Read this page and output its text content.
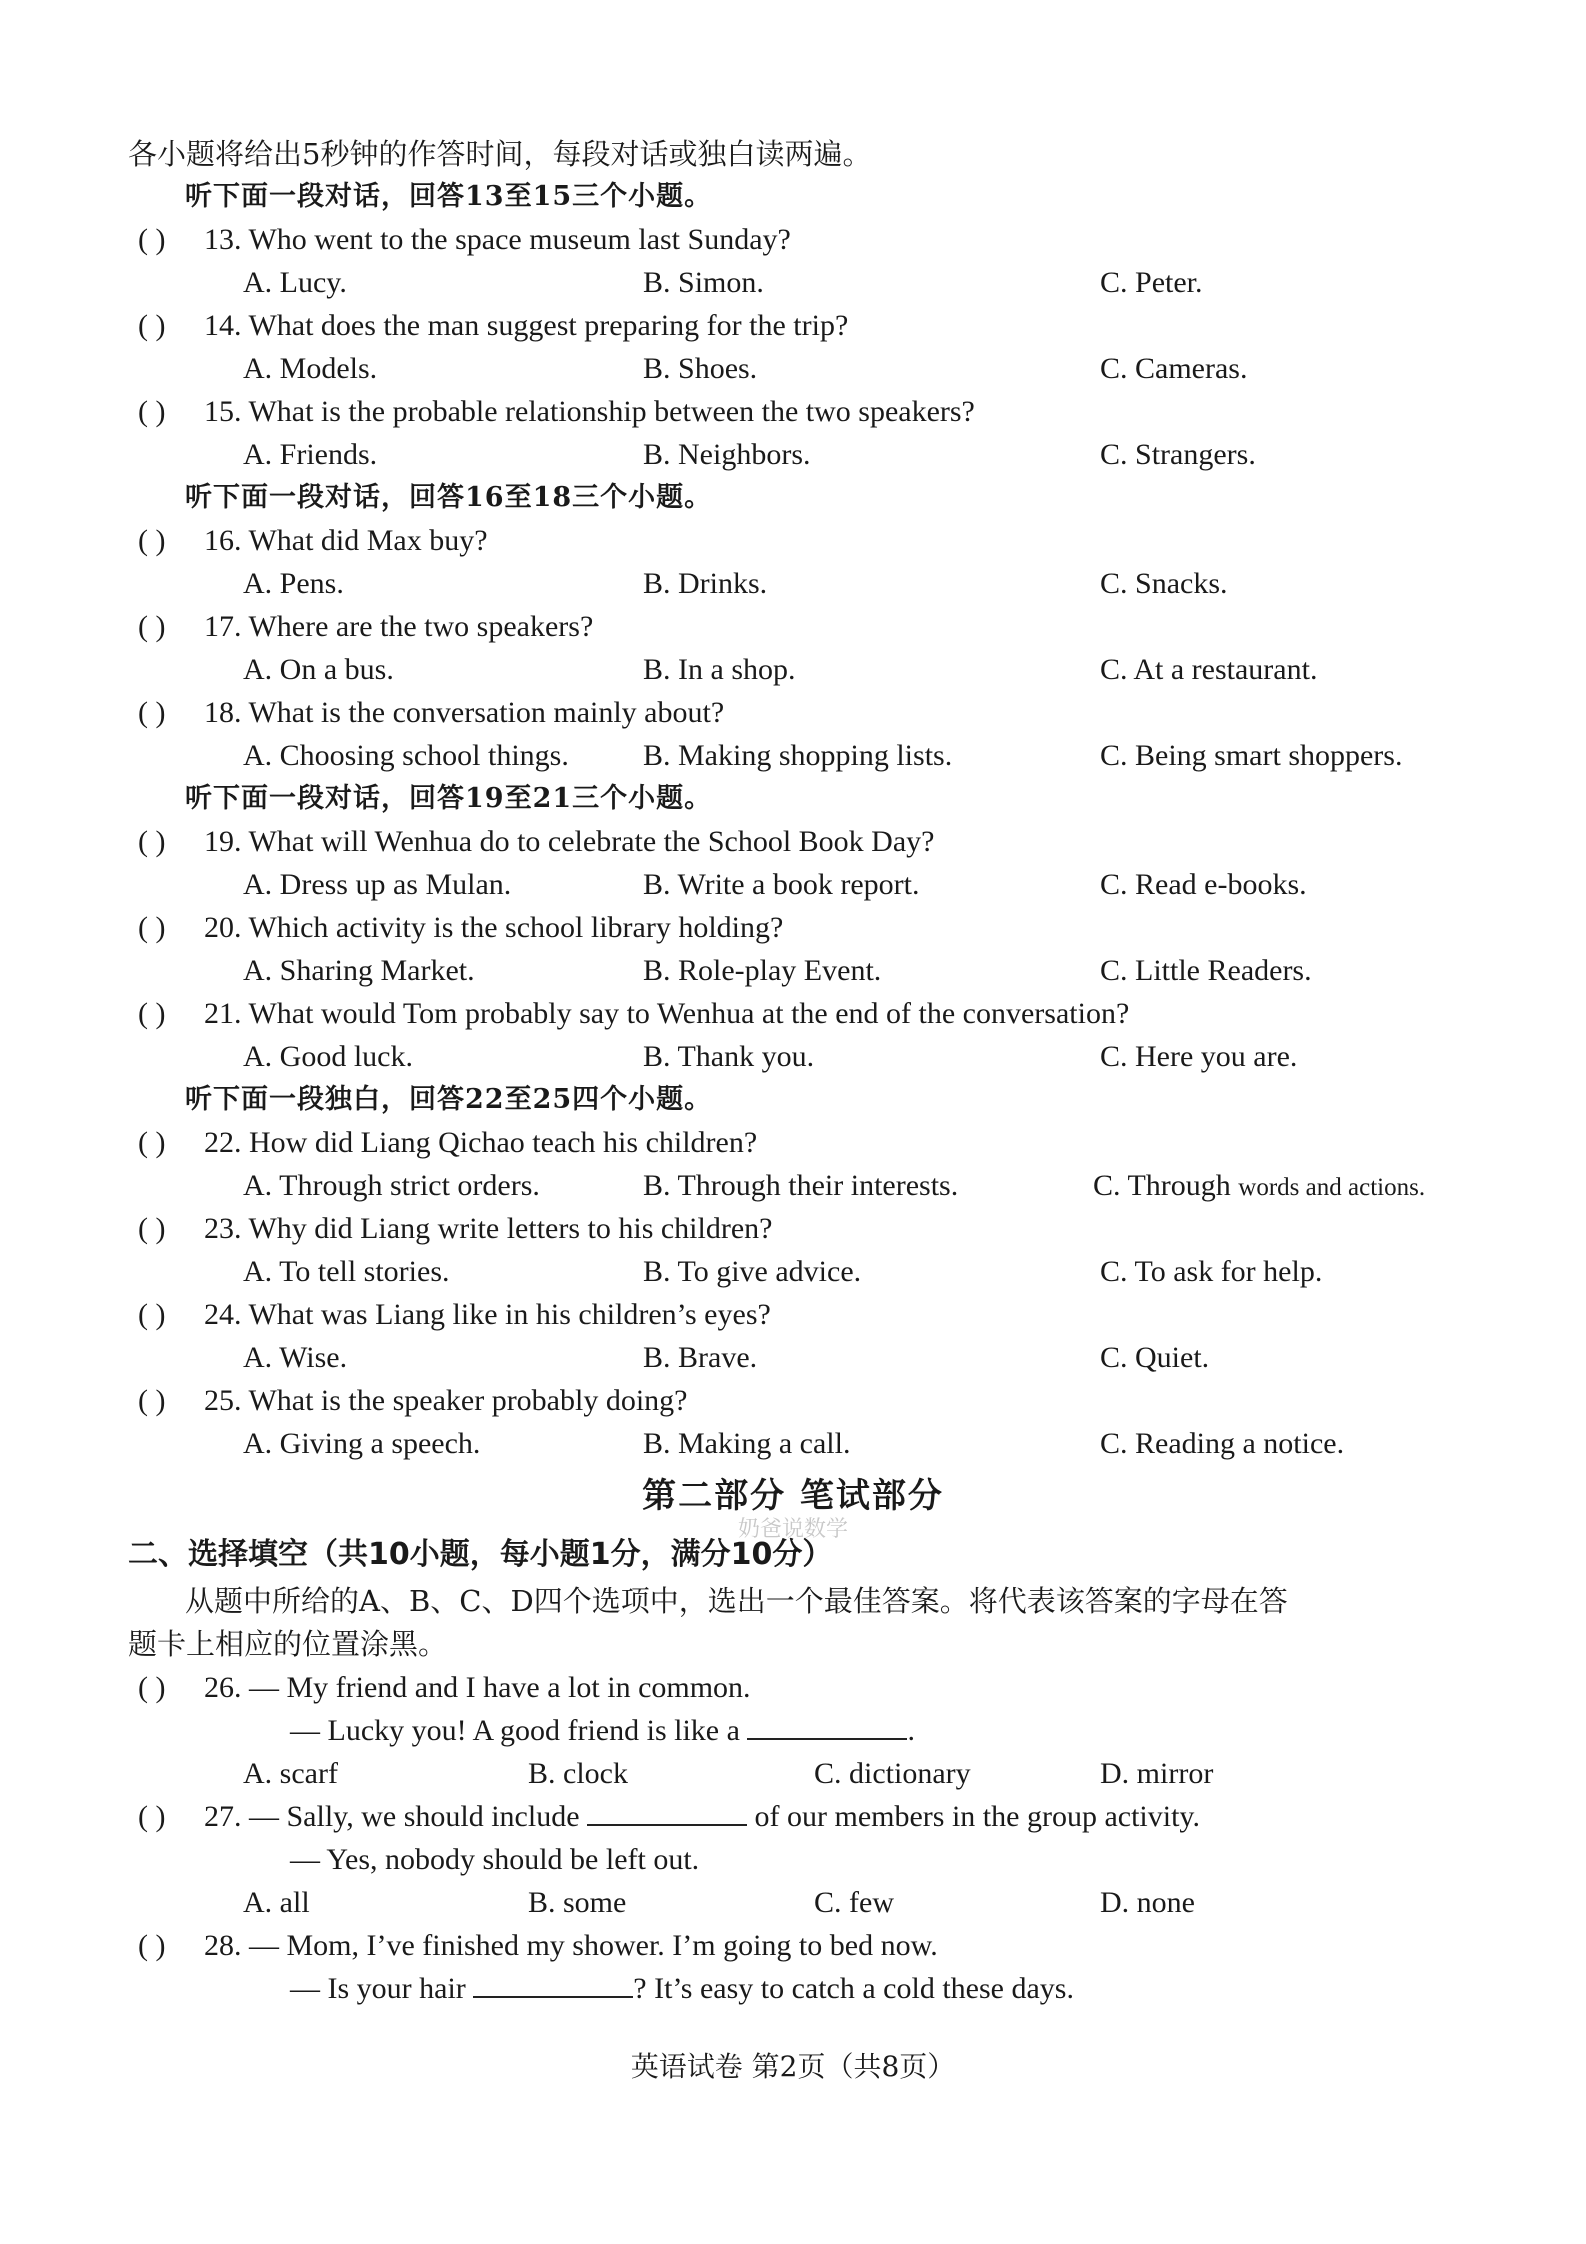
各小题将给出5秒钟的作答时间，每段对话或独白读两遍。
听下面一段对话，回答13至15三个小题。
( ) 13. Who went to the space museum last Sunday?
A. Lucy.	B. Simon.	C. Peter.
( ) 14. What does the man suggest preparing for the trip?
A. Models.	B. Shoes.	C. Cameras.
( ) 15. What is the probable relationship between the two speakers?
A. Friends.	B. Neighbors.	C. Strangers.
听下面一段对话，回答16至18三个小题。
( ) 16. What did Max buy?
A. Pens.	B. Drinks.	C. Snacks.
( ) 17. Where are the two speakers?
A. On a bus.	B. In a shop.	C. At a restaurant.
( ) 18. What is the conversation mainly about?
A. Choosing school things. B. Making shopping lists.	C. Being smart shoppers.
听下面一段对话，回答19至21三个小题。
( ) 19. What will Wenhua do to celebrate the School Book Day?
A. Dress up as Mulan.	B. Write a book report.	C. Read e-books.
( ) 20. Which activity is the school library holding?
A. Sharing Market.	B. Role-play Event.	C. Little Readers.
( ) 21. What would Tom probably say to Wenhua at the end of the conversation?
A. Good luck.	B. Thank you.	C. Here you are.
听下面一段独白，回答22至25四个小题。
( ) 22. How did Liang Qichao teach his children?
A. Through strict orders.	B. Through their interests.	C. Through words and actions.
( ) 23. Why did Liang write letters to his children?
A. To tell stories.	B. To give advice.	C. To ask for help.
( ) 24. What was Liang like in his children’s eyes?
A. Wise.	B. Brave.	C. Quiet.
( ) 25. What is the speaker probably doing?
A. Giving a speech.	B. Making a call.	C. Reading a notice.
第二部分 笔试部分
奶爸说数学
二、选择填空（共10小题，每小题1分，满分10分）
从题中所给的A、B、C、D四个选项中，选出一个最佳答案。将代表该答案的字母在答
题卡上相应的位置涂黑。
( ) 26. — My friend and I have a lot in common.
— Lucky you! A good friend is like a	.
A. scarf	B. clock	C. dictionary	D. mirror
( ) 27. — Sally, we should include	of our members in the group activity.
— Yes, nobody should be left out.
A. all	B. some	C. few	D. none
( ) 28. — Mom, I’ve finished my shower. I’m going to bed now.
— Is your hair	? It’s easy to catch a cold these days.
英语试卷 第2页（共8页）
